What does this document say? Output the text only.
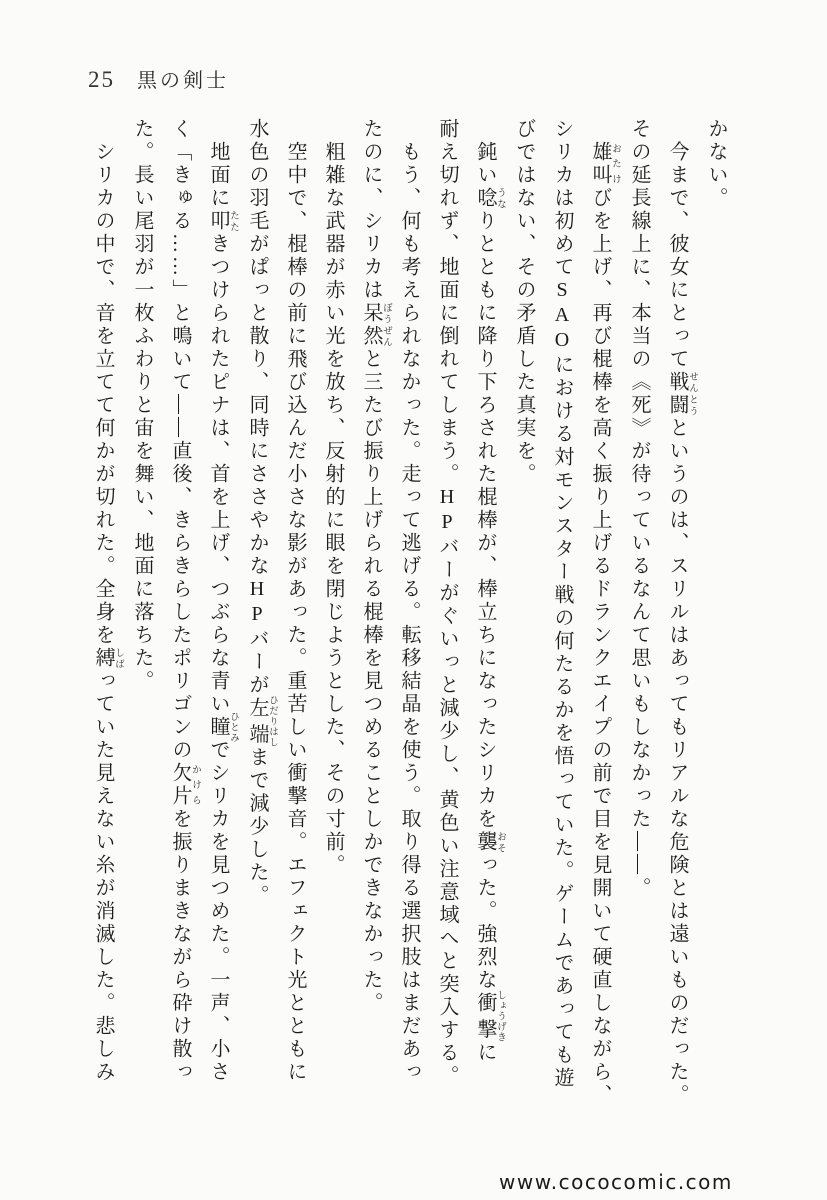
25 黒の剣士

かない。

今まで、彼女にとって戦闘 せんとうというのは、スリルはあってもリアルな危険とは遠いものだった。
その延長線上に、本当の《死》が待っているなんて思いもしなかった――。

雄叫 おたけびを上げ、再び棍棒を高く振り上げるドランクエイプの前で目を見開いて硬直しながら、
シリカは初めてSAOにおける対モンスター戦の何たるかを悟っていた。ゲームであっても遊
びではない、その矛盾した真実を。

鈍い唸 うなりとともに降り下ろされた棍棒が、棒立ちになったシリカを襲 おそった。強烈な衝撃 しょうげきに
耐え切れず、地面に倒れてしまう。HPバーがぐいっと減少し、黄色い注意域へと突入する。

もう、何も考えられなかった。走って逃げる。転移結晶を使う。取り得る選択肢はまだあっ
たのに、シリカは呆然 ぼうぜんと三たび振り上げられる棍棒を見つめることしかできなかった。

粗雑な武器が赤い光を放ち、反射的に眼を閉じようとした、その寸前。

空中で、棍棒の前に飛び込んだ小さな影があった。重苦しい衝撃音。エフェクト光とともに
水色の羽毛がぱっと散り、同時にささやかなHPバーが左端 ひだりはしまで減少した。

地面に叩 たたきつけられたピナは、首を上げ、つぶらな青い瞳 ひとみでシリカを見つめた。一声、小さ
く「きゅる……」と鳴いて――直後、きらきらしたポリゴンの欠片 かけらを振りまきながら砕け散っ
た。長い尾羽が一枚ふわりと宙を舞い、地面に落ちた。

シリカの中で、音を立てて何かが切れた。全身を縛 しばっていた見えない糸が消滅した。悲しみ

www.cococomic.com
